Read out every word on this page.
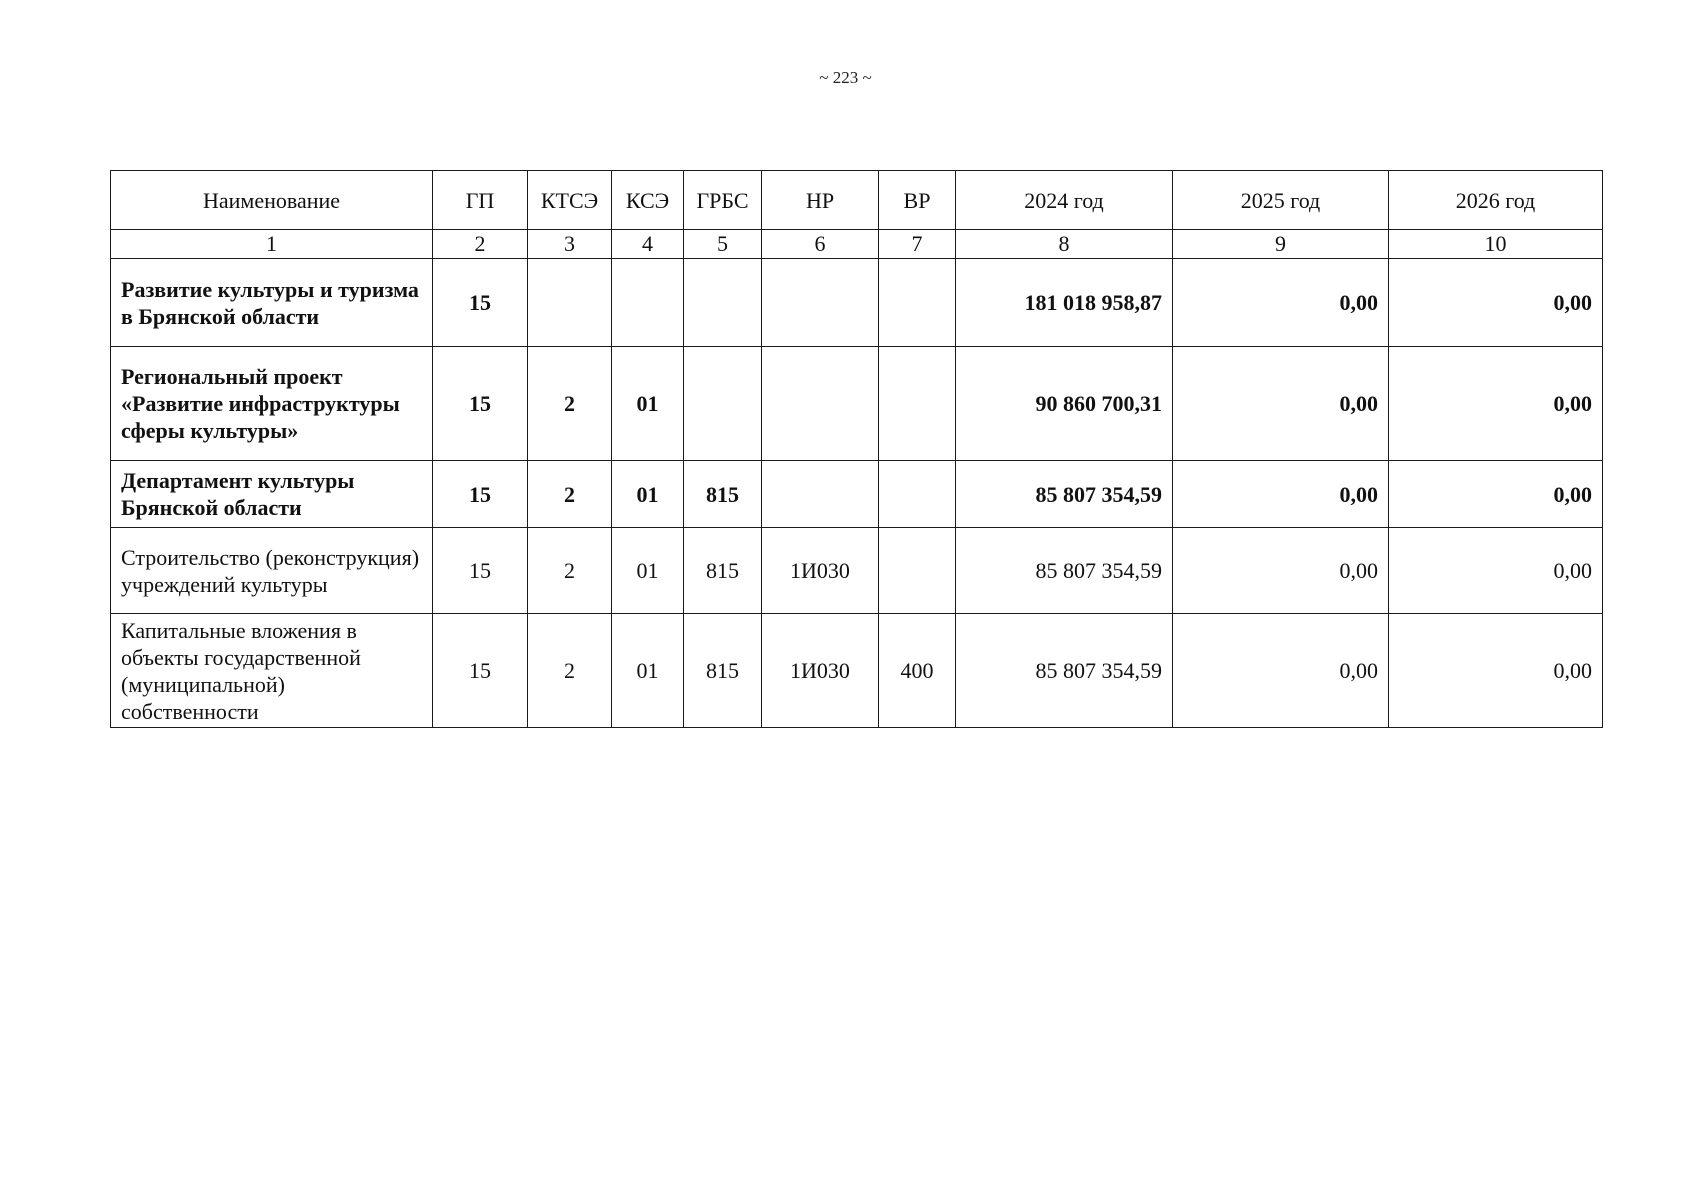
~ 223 ~
Наименование	ГП	КТСЭ	КСЭ	ГРБС	НР	ВР	2024 год	2025 год	2026 год
1	2	3	4	5	6	7	8	9	10
Развитие культуры и туризма в Брянской области	15						181 018 958,87	0,00	0,00
Региональный проект «Развитие инфраструктуры сферы культуры»	15	2	01				90 860 700,31	0,00	0,00
Департамент культуры Брянской области	15	2	01	815			85 807 354,59	0,00	0,00
Строительство (реконструкция) учреждений культуры	15	2	01	815	1И030		85 807 354,59	0,00	0,00
Капитальные вложения в объекты государственной (муниципальной) собственности	15	2	01	815	1И030	400	85 807 354,59	0,00	0,00
